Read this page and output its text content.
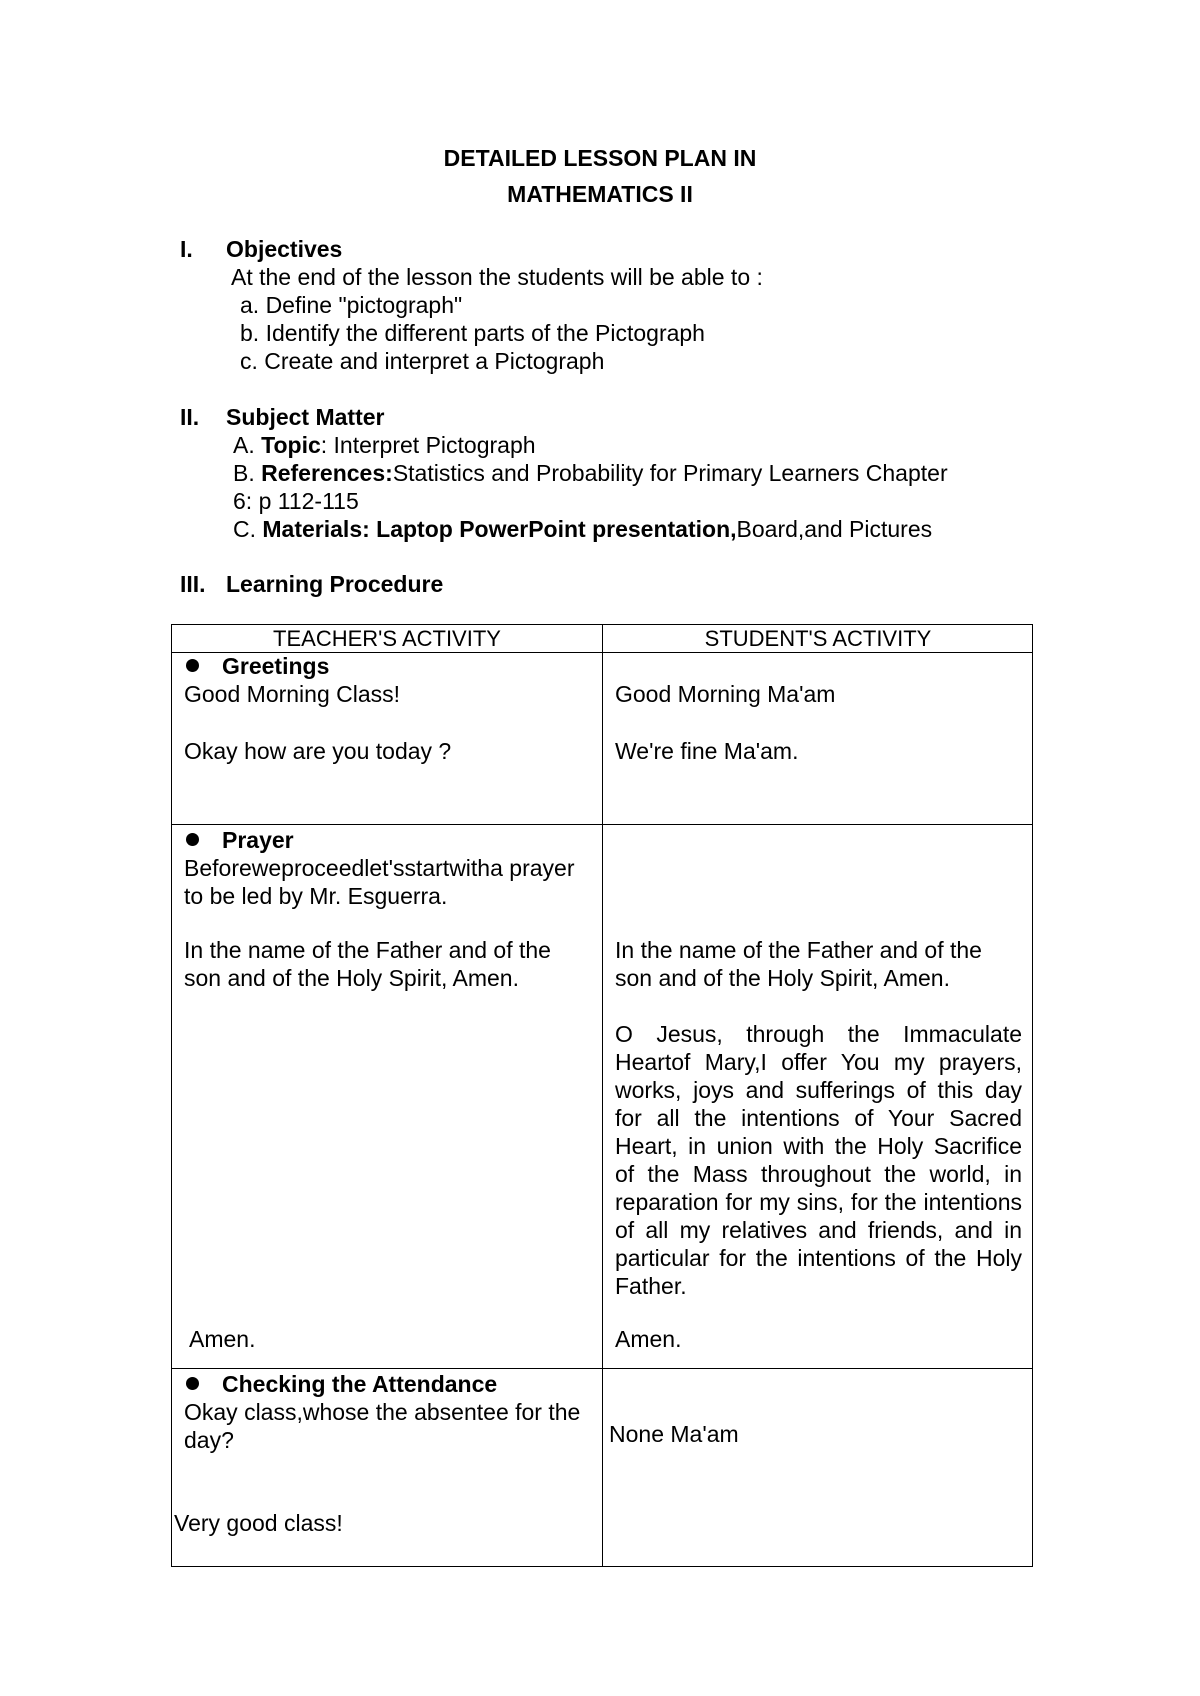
DETAILED LESSON PLAN IN
MATHEMATICS II
I. Objectives
At the end of the lesson the students will be able to :
a. Define "pictograph"
b. Identify the different parts of the Pictograph
c. Create and interpret a Pictograph
II. Subject Matter
A. Topic: Interpret Pictograph
B. References:Statistics and Probability for Primary Learners Chapter
6: p 112-115
C. Materials: Laptop PowerPoint presentation,Board,and Pictures
III. Learning Procedure
TEACHER'S ACTIVITY	STUDENT'S ACTIVITY
Greetings
Good Morning Class!
Okay how are you today ?
Good Morning Ma'am
We're fine Ma'am.
Prayer
Beforeweproceedlet'sstartwitha prayer
to be led by Mr. Esguerra.
In the name of the Father and of the
son and of the Holy Spirit, Amen.
Amen.
In the name of the Father and of the
son and of the Holy Spirit, Amen.
O Jesus, through the Immaculate Heartof Mary,I offer You my prayers, works, joys and sufferings of this day for all the intentions of Your Sacred Heart, in union with the Holy Sacrifice of the Mass throughout the world, in reparation for my sins, for the intentions of all my relatives and friends, and in particular for the intentions of the Holy Father.
Amen.
Checking the Attendance
Okay class,whose the absentee for the
day?
Very good class!
None Ma'am
